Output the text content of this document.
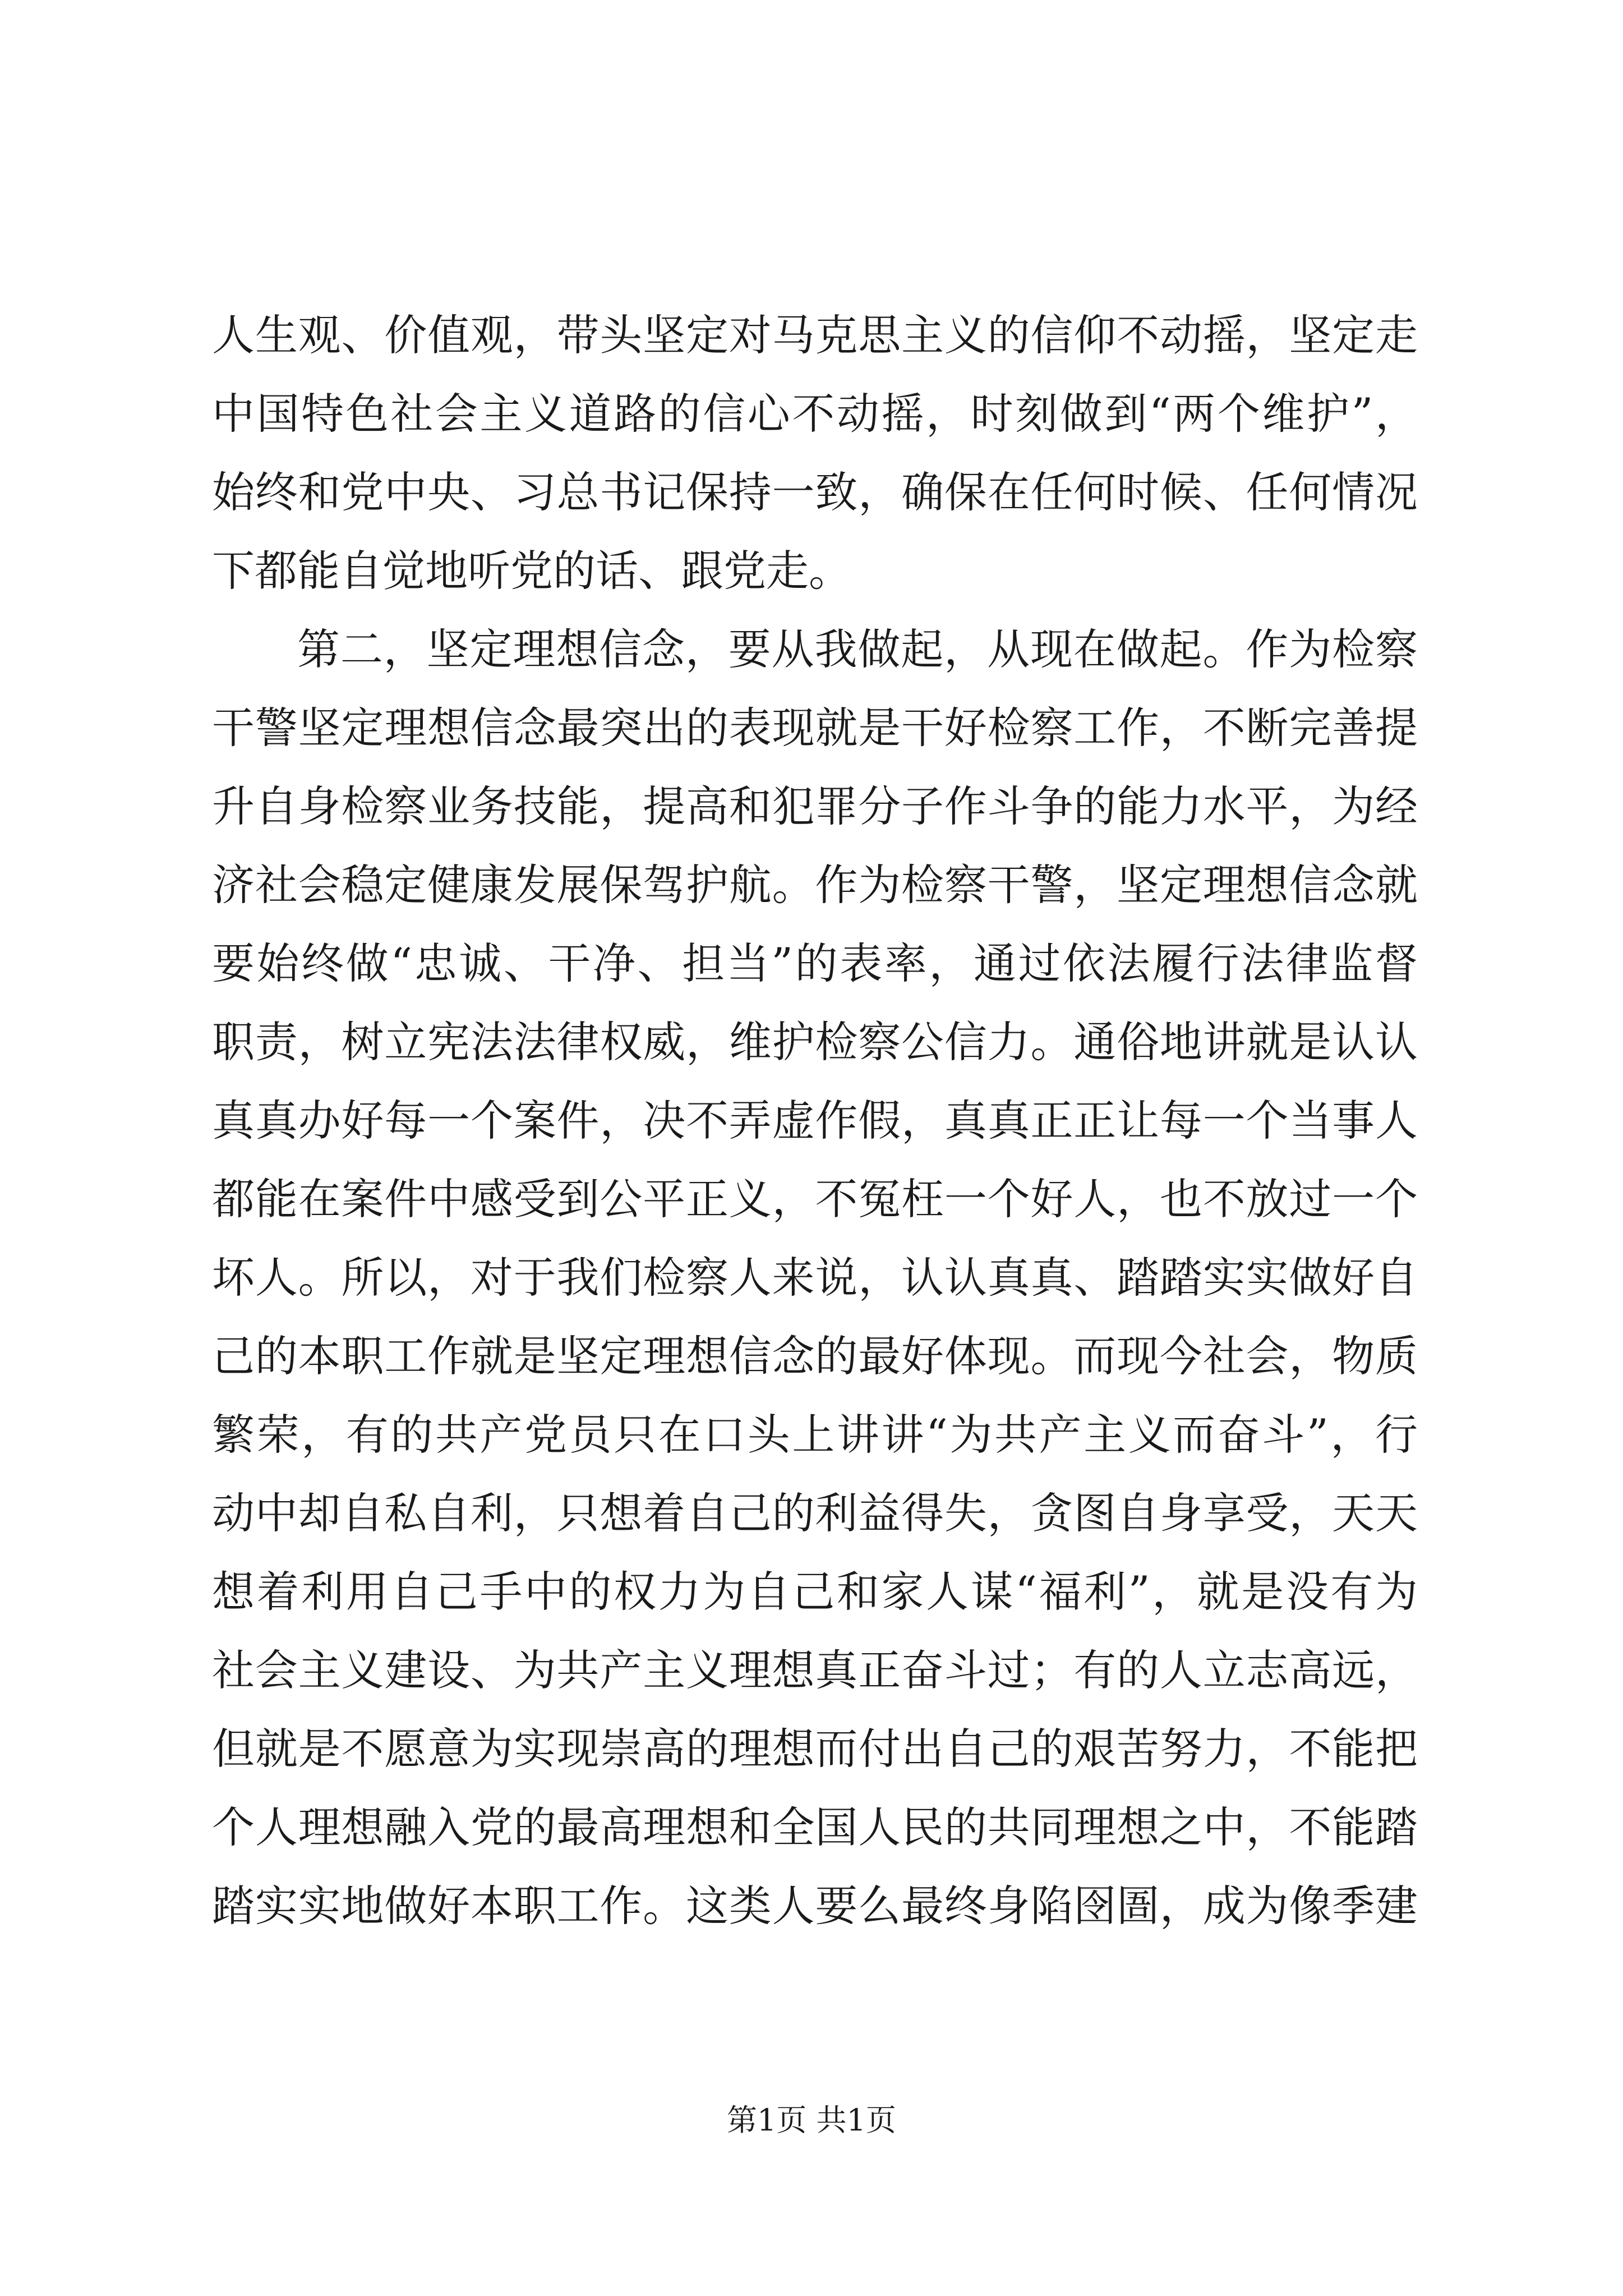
人生观、价值观，带头坚定对马克思主义的信仰不动摇，坚定走
中国特色社会主义道路的信心不动摇，时刻做到“两个维护”，
始终和党中央、习总书记保持一致，确保在任何时候、任何情况
下都能自觉地听党的话、跟党走。
第二，坚定理想信念，要从我做起，从现在做起。作为检察
干警坚定理想信念最突出的表现就是干好检察工作，不断完善提
升自身检察业务技能，提高和犯罪分子作斗争的能力水平，为经
济社会稳定健康发展保驾护航。作为检察干警，坚定理想信念就
要始终做“忠诚、干净、担当”的表率，通过依法履行法律监督
职责，树立宪法法律权威，维护检察公信力。通俗地讲就是认认
真真办好每一个案件，决不弄虚作假，真真正正让每一个当事人
都能在案件中感受到公平正义，不冤枉一个好人，也不放过一个
坏人。所以，对于我们检察人来说，认认真真、踏踏实实做好自
己的本职工作就是坚定理想信念的最好体现。而现今社会，物质
繁荣，有的共产党员只在口头上讲讲“为共产主义而奋斗”，行
动中却自私自利，只想着自己的利益得失，贪图自身享受，天天
想着利用自己手中的权力为自己和家人谋“福利”，就是没有为
社会主义建设、为共产主义理想真正奋斗过；有的人立志高远，
但就是不愿意为实现崇高的理想而付出自己的艰苦努力，不能把
个人理想融入党的最高理想和全国人民的共同理想之中，不能踏
踏实实地做好本职工作。这类人要么最终身陷囹圄，成为像季建
第1页 共1页
